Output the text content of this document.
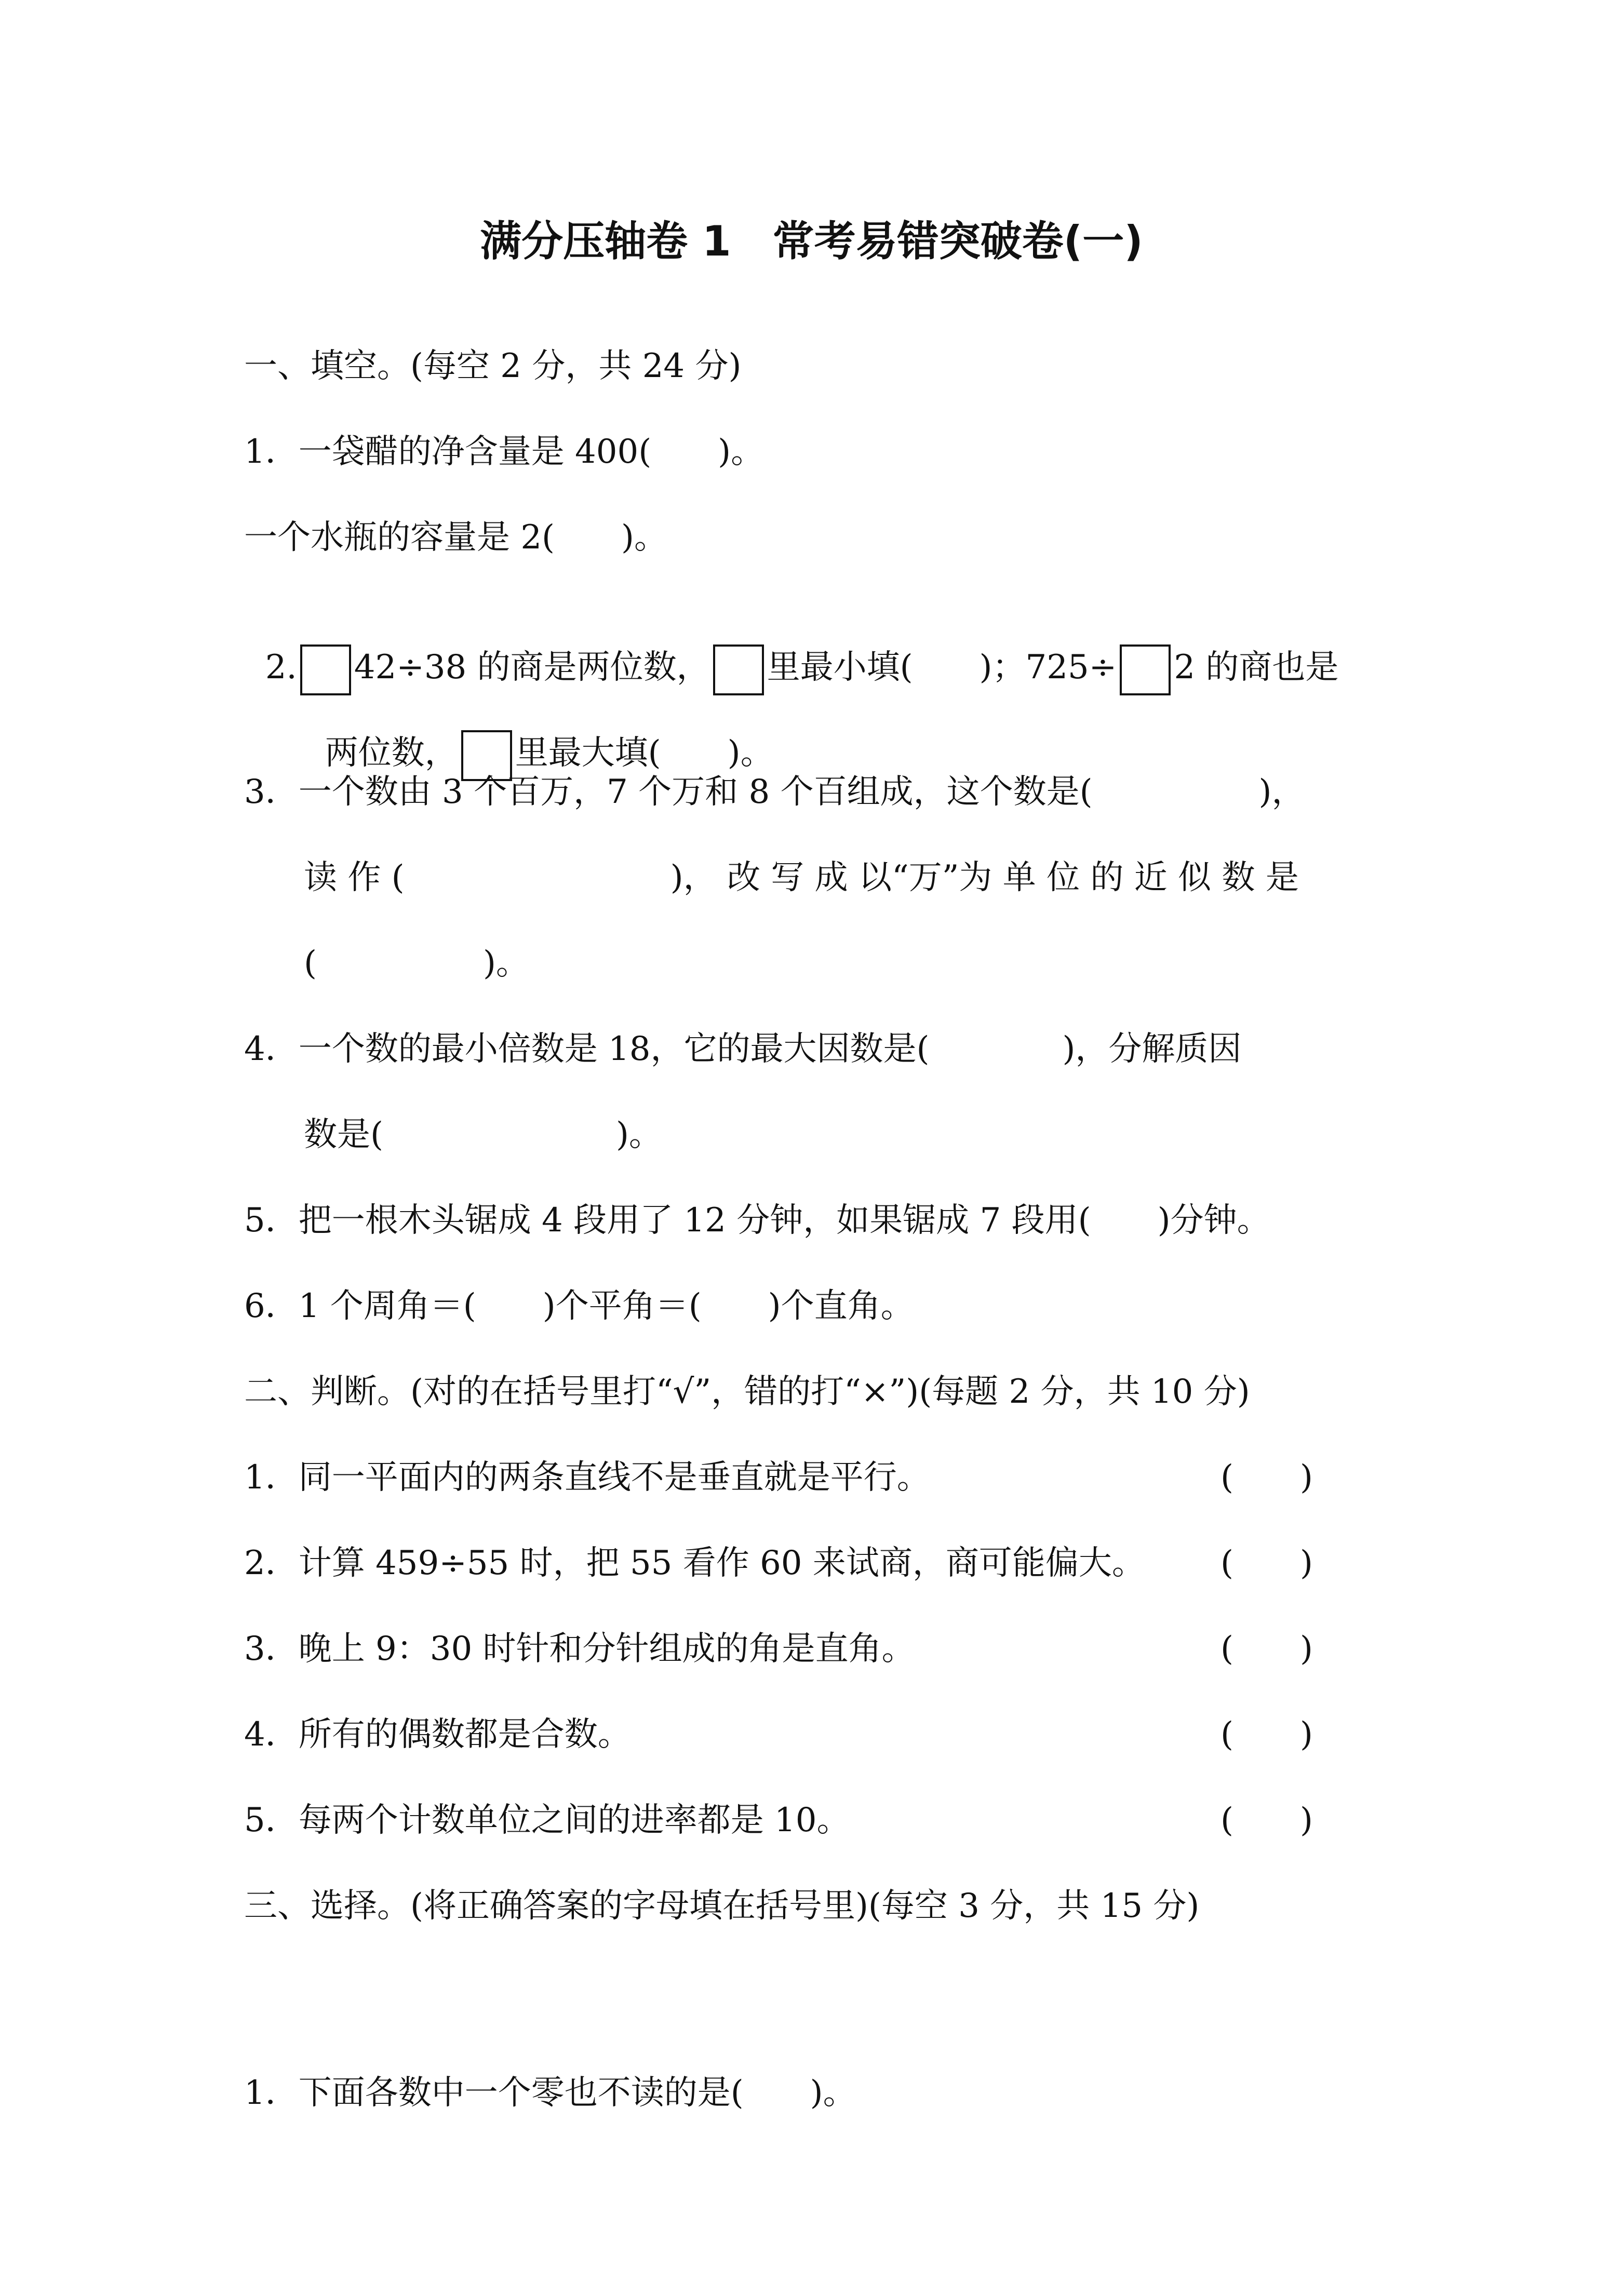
满分压轴卷 1　常考易错突破卷(一)
一、填空。(每空 2 分，共 24 分)
1．一袋醋的净含量是 400(　　)。
一个水瓶的容量是 2(　　)。

2. 42÷38 的商是两位数， 里最小填(　　)；725÷ 2 的商也是

两位数， 里最大填(　　)。

3．一个数由 3 个百万，7 个万和 8 个百组成，这个数是(　　　　　)，
读 作 (　　　　　　　　)， 改 写 成 以“万”为 单 位 的 近 似 数 是
(　　　　　)。
4．一个数的最小倍数是 18，它的最大因数是(　　　　)，分解质因
数是(　　　　　　　)。
5．把一根木头锯成 4 段用了 12 分钟，如果锯成 7 段用(　　)分钟。
6．1 个周角＝(　　)个平角＝(　　)个直角。
二、判断。(对的在括号里打“√”，错的打“×”)(每题 2 分，共 10 分)
1．同一平面内的两条直线不是垂直就是平行。	(　　)
2．计算 459÷55 时，把 55 看作 60 来试商，商可能偏大。 (　　)
3．晚上 9：30 时针和分针组成的角是直角。	(　　)
4．所有的偶数都是合数。	(　　)
5．每两个计数单位之间的进率都是 10。	(　　)
三、选择。(将正确答案的字母填在括号里)(每空 3 分，共 15 分)
1．下面各数中一个零也不读的是(　　)。
